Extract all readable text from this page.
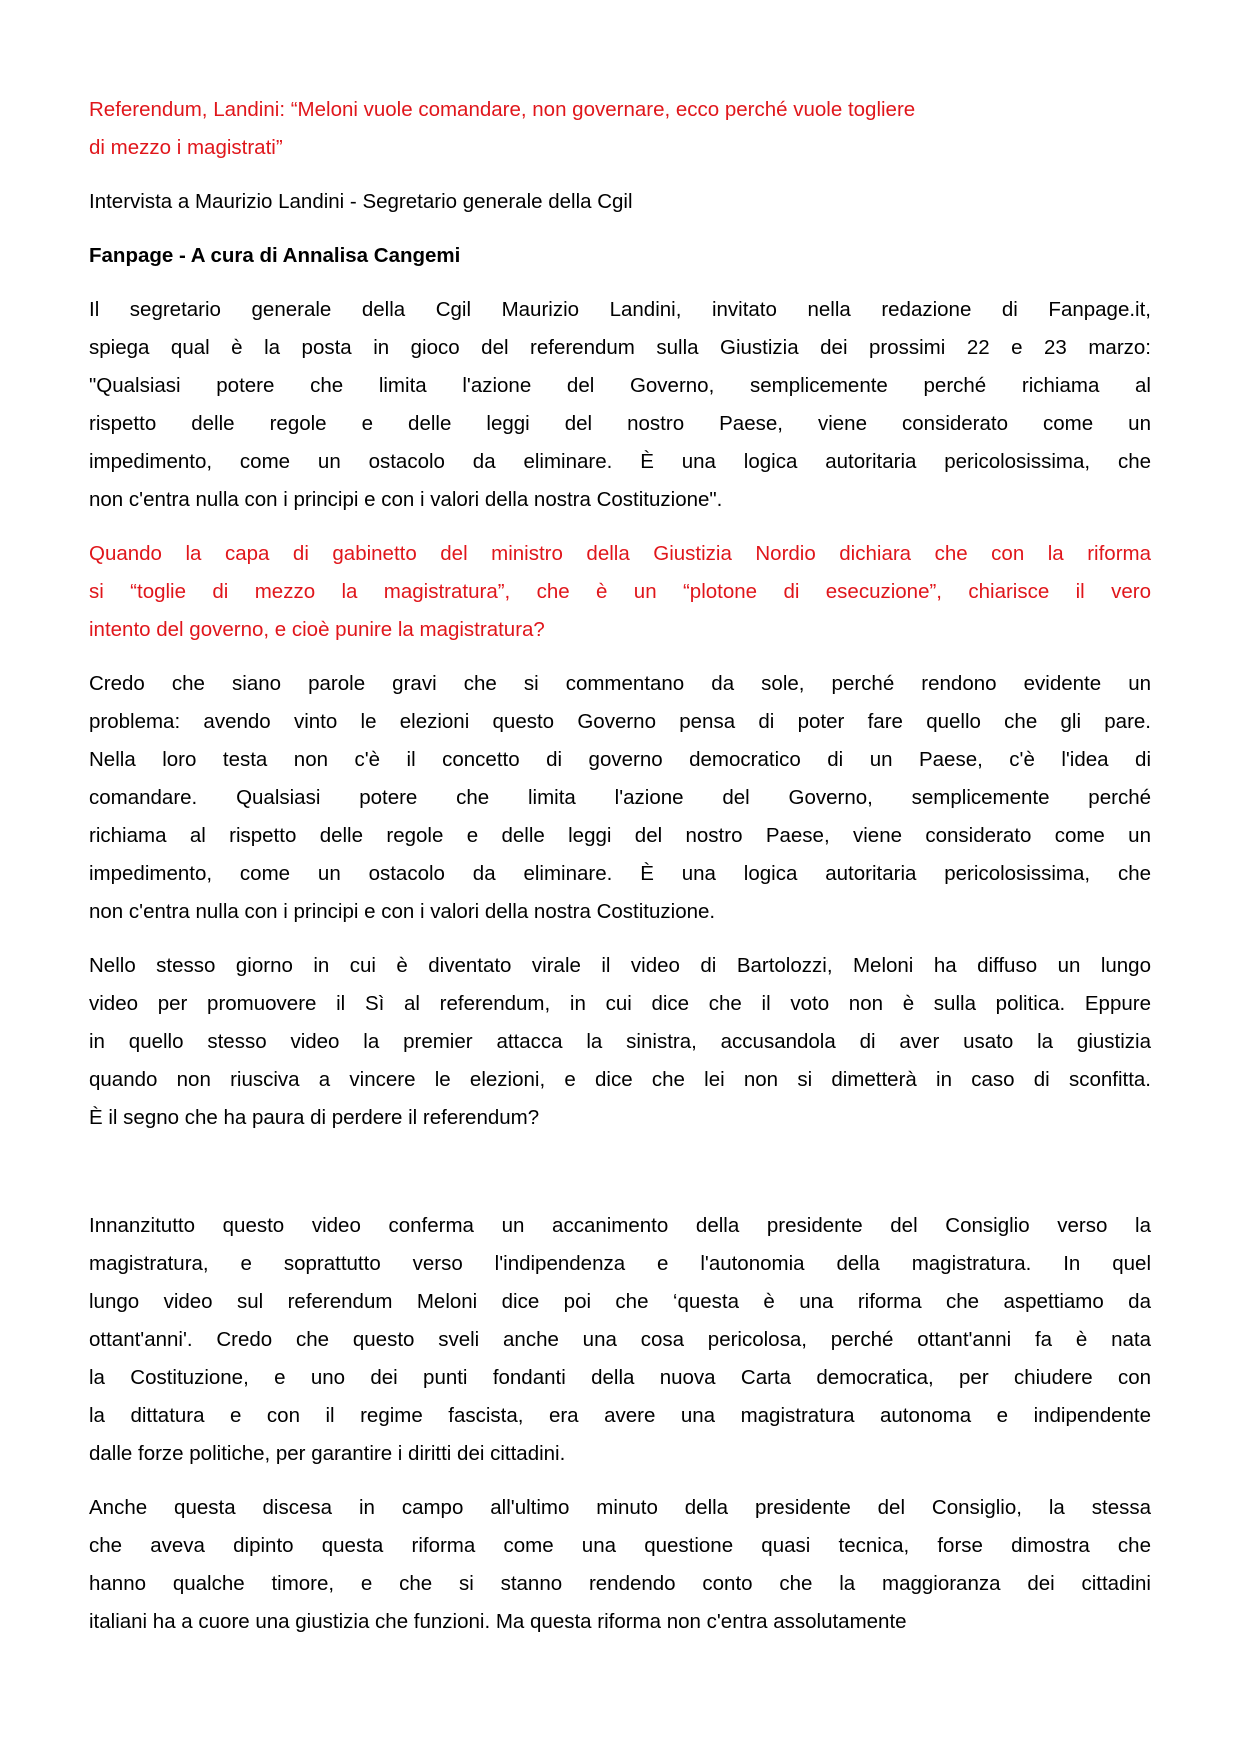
Referendum, Landini: “Meloni vuole comandare, non governare, ecco perché vuole togliere
di mezzo i magistrati”
Intervista a Maurizio Landini - Segretario generale della Cgil
Fanpage - A cura di Annalisa Cangemi
Il segretario generale della Cgil Maurizio Landini, invitato nella redazione di Fanpage.it,
spiega qual è la posta in gioco del referendum sulla Giustizia dei prossimi 22 e 23 marzo:
"Qualsiasi potere che limita l'azione del Governo, semplicemente perché richiama al
rispetto delle regole e delle leggi del nostro Paese, viene considerato come un
impedimento, come un ostacolo da eliminare. È una logica autoritaria pericolosissima, che
non c'entra nulla con i principi e con i valori della nostra Costituzione".
Quando la capa di gabinetto del ministro della Giustizia Nordio dichiara che con la riforma
si “toglie di mezzo la magistratura”, che è un “plotone di esecuzione”, chiarisce il vero
intento del governo, e cioè punire la magistratura?
Credo che siano parole gravi che si commentano da sole, perché rendono evidente un
problema: avendo vinto le elezioni questo Governo pensa di poter fare quello che gli pare.
Nella loro testa non c'è il concetto di governo democratico di un Paese, c'è l'idea di
comandare. Qualsiasi potere che limita l'azione del Governo, semplicemente perché
richiama al rispetto delle regole e delle leggi del nostro Paese, viene considerato come un
impedimento, come un ostacolo da eliminare. È una logica autoritaria pericolosissima, che
non c'entra nulla con i principi e con i valori della nostra Costituzione.
Nello stesso giorno in cui è diventato virale il video di Bartolozzi, Meloni ha diffuso un lungo
video per promuovere il Sì al referendum, in cui dice che il voto non è sulla politica. Eppure
in quello stesso video la premier attacca la sinistra, accusandola di aver usato la giustizia
quando non riusciva a vincere le elezioni, e dice che lei non si dimetterà in caso di sconfitta.
È il segno che ha paura di perdere il referendum?
Innanzitutto questo video conferma un accanimento della presidente del Consiglio verso la
magistratura, e soprattutto verso l'indipendenza e l'autonomia della magistratura. In quel
lungo video sul referendum Meloni dice poi che ‘questa è una riforma che aspettiamo da
ottant'anni'. Credo che questo sveli anche una cosa pericolosa, perché ottant'anni fa è nata
la Costituzione, e uno dei punti fondanti della nuova Carta democratica, per chiudere con
la dittatura e con il regime fascista, era avere una magistratura autonoma e indipendente
dalle forze politiche, per garantire i diritti dei cittadini.
Anche questa discesa in campo all'ultimo minuto della presidente del Consiglio, la stessa
che aveva dipinto questa riforma come una questione quasi tecnica, forse dimostra che
hanno qualche timore, e che si stanno rendendo conto che la maggioranza dei cittadini
italiani ha a cuore una giustizia che funzioni. Ma questa riforma non c'entra assolutamente
